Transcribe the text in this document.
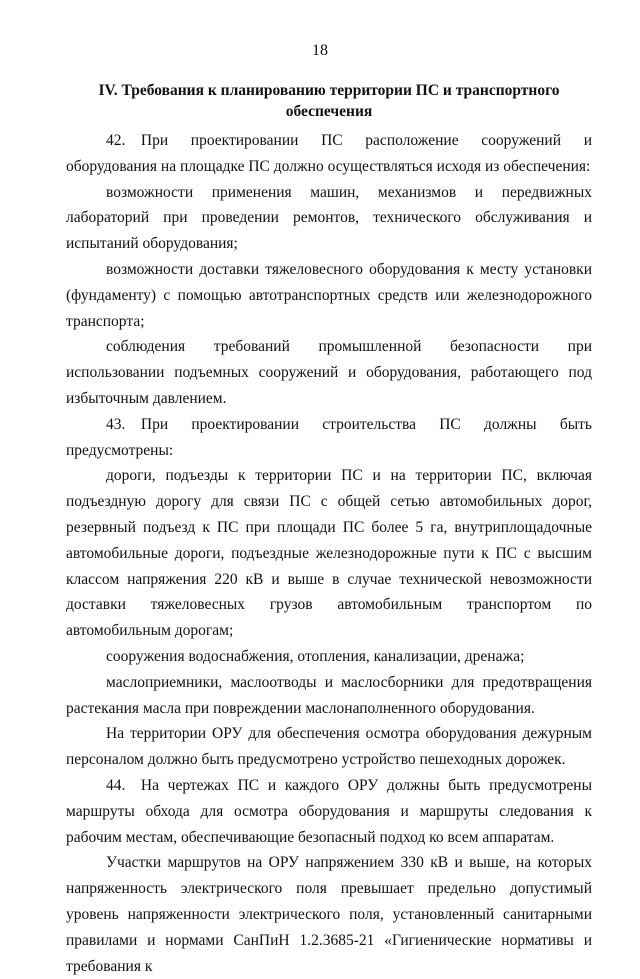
18
IV. Требования к планированию территории ПС и транспортного
обеспечения

42. При проектировании ПС расположение сооружений и оборудования на площадке ПС должно осуществляться исходя из обеспечения:

возможности применения машин, механизмов и передвижных лабораторий при проведении ремонтов, технического обслуживания и испытаний оборудования;

возможности доставки тяжеловесного оборудования к месту установки (фундаменту) с помощью автотранспортных средств или железнодорожного транспорта;

соблюдения требований промышленной безопасности при использовании подъемных сооружений и оборудования, работающего под избыточным давлением.

43. При проектировании строительства ПС должны быть предусмотрены:

дороги, подъезды к территории ПС и на территории ПС, включая подъездную дорогу для связи ПС с общей сетью автомобильных дорог, резервный подъезд к ПС при площади ПС более 5 га, внутриплощадочные автомобильные дороги, подъездные железнодорожные пути к ПС с высшим классом напряжения 220 кВ и выше в случае технической невозможности доставки тяжеловесных грузов автомобильным транспортом по автомобильным дорогам;

сооружения водоснабжения, отопления, канализации, дренажа;

маслоприемники, маслоотводы и маслосборники для предотвращения растекания масла при повреждении маслонаполненного оборудования.

На территории ОРУ для обеспечения осмотра оборудования дежурным персоналом должно быть предусмотрено устройство пешеходных дорожек.

44. На чертежах ПС и каждого ОРУ должны быть предусмотрены маршруты обхода для осмотра оборудования и маршруты следования к рабочим местам, обеспечивающие безопасный подход ко всем аппаратам.

Участки маршрутов на ОРУ напряжением 330 кВ и выше, на которых напряженность электрического поля превышает предельно допустимый уровень напряженности электрического поля, установленный санитарными правилами и нормами СанПиН 1.2.3685-21 «Гигиенические нормативы и требования к
